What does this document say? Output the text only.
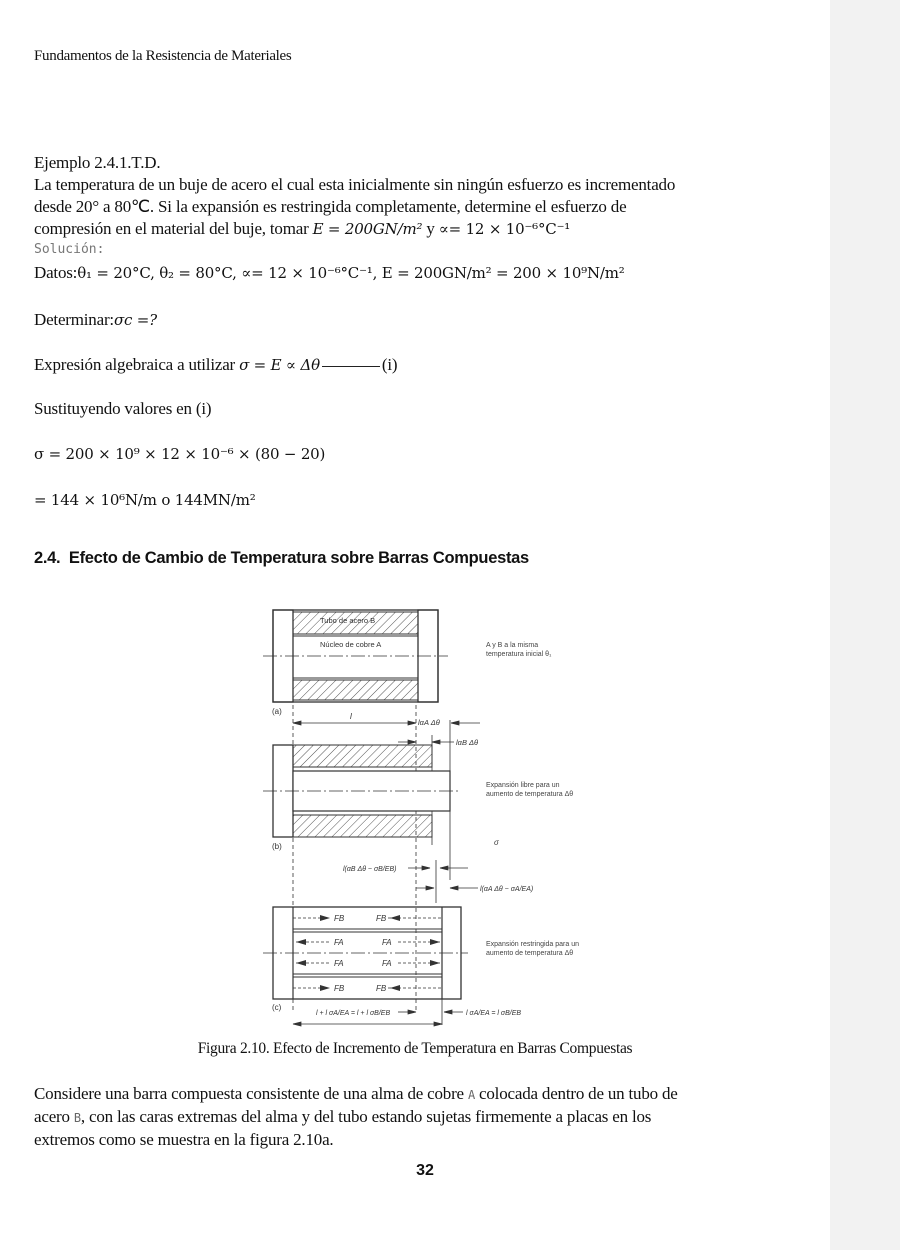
Fundamentos de la Resistencia de Materiales
Ejemplo 2.4.1.T.D.
La temperatura de un buje de acero el cual esta inicialmente sin ningún esfuerzo es incrementado
desde 20° a 80℃. Si la expansión es restringida completamente, determine el esfuerzo de
compresión en el material del buje, tomar E = 200GN/m² y ∝= 12 × 10⁻⁶°C⁻¹
Solución:
Datos:θ₁ = 20°C, θ₂ = 80°C, ∝= 12 × 10⁻⁶°C⁻¹, E = 200GN/m² = 200 × 10⁹N/m²
Determinar:σc =?
Expresión algebraica a utilizar σ = E ∝ Δθ	(i)
Sustituyendo valores en (i)
σ = 200 × 10⁹ × 12 × 10⁻⁶ × (80 − 20)
= 144 × 10⁶N/m o 144MN/m²
2.4. Efecto de Cambio de Temperatura sobre Barras Compuestas
Tubo de acero B
Núcleo de cobre A	A y B a la misma
temperatura inicial θ₁
(a)
l
lαA Δθ
lαB Δθ
Expansión libre para un
aumento de temperatura Δθ
(b)	σ
l(αB Δθ − σB/EB)
l(αA Δθ − σA/EA)
FB	FB
FA	FA
FA	FA
FB	FB
Expansión restringida para un
aumento de temperatura Δθ
(c)
l + l σA/EA = l + l σB/EB	l σA/EA = l σB/EB
Figura 2.10. Efecto de Incremento de Temperatura en Barras Compuestas
Considere una barra compuesta consistente de una alma de cobre A colocada dentro de un tubo de
acero B, con las caras extremas del alma y del tubo estando sujetas firmemente a placas en los
extremos como se muestra en la figura 2.10a.
32
